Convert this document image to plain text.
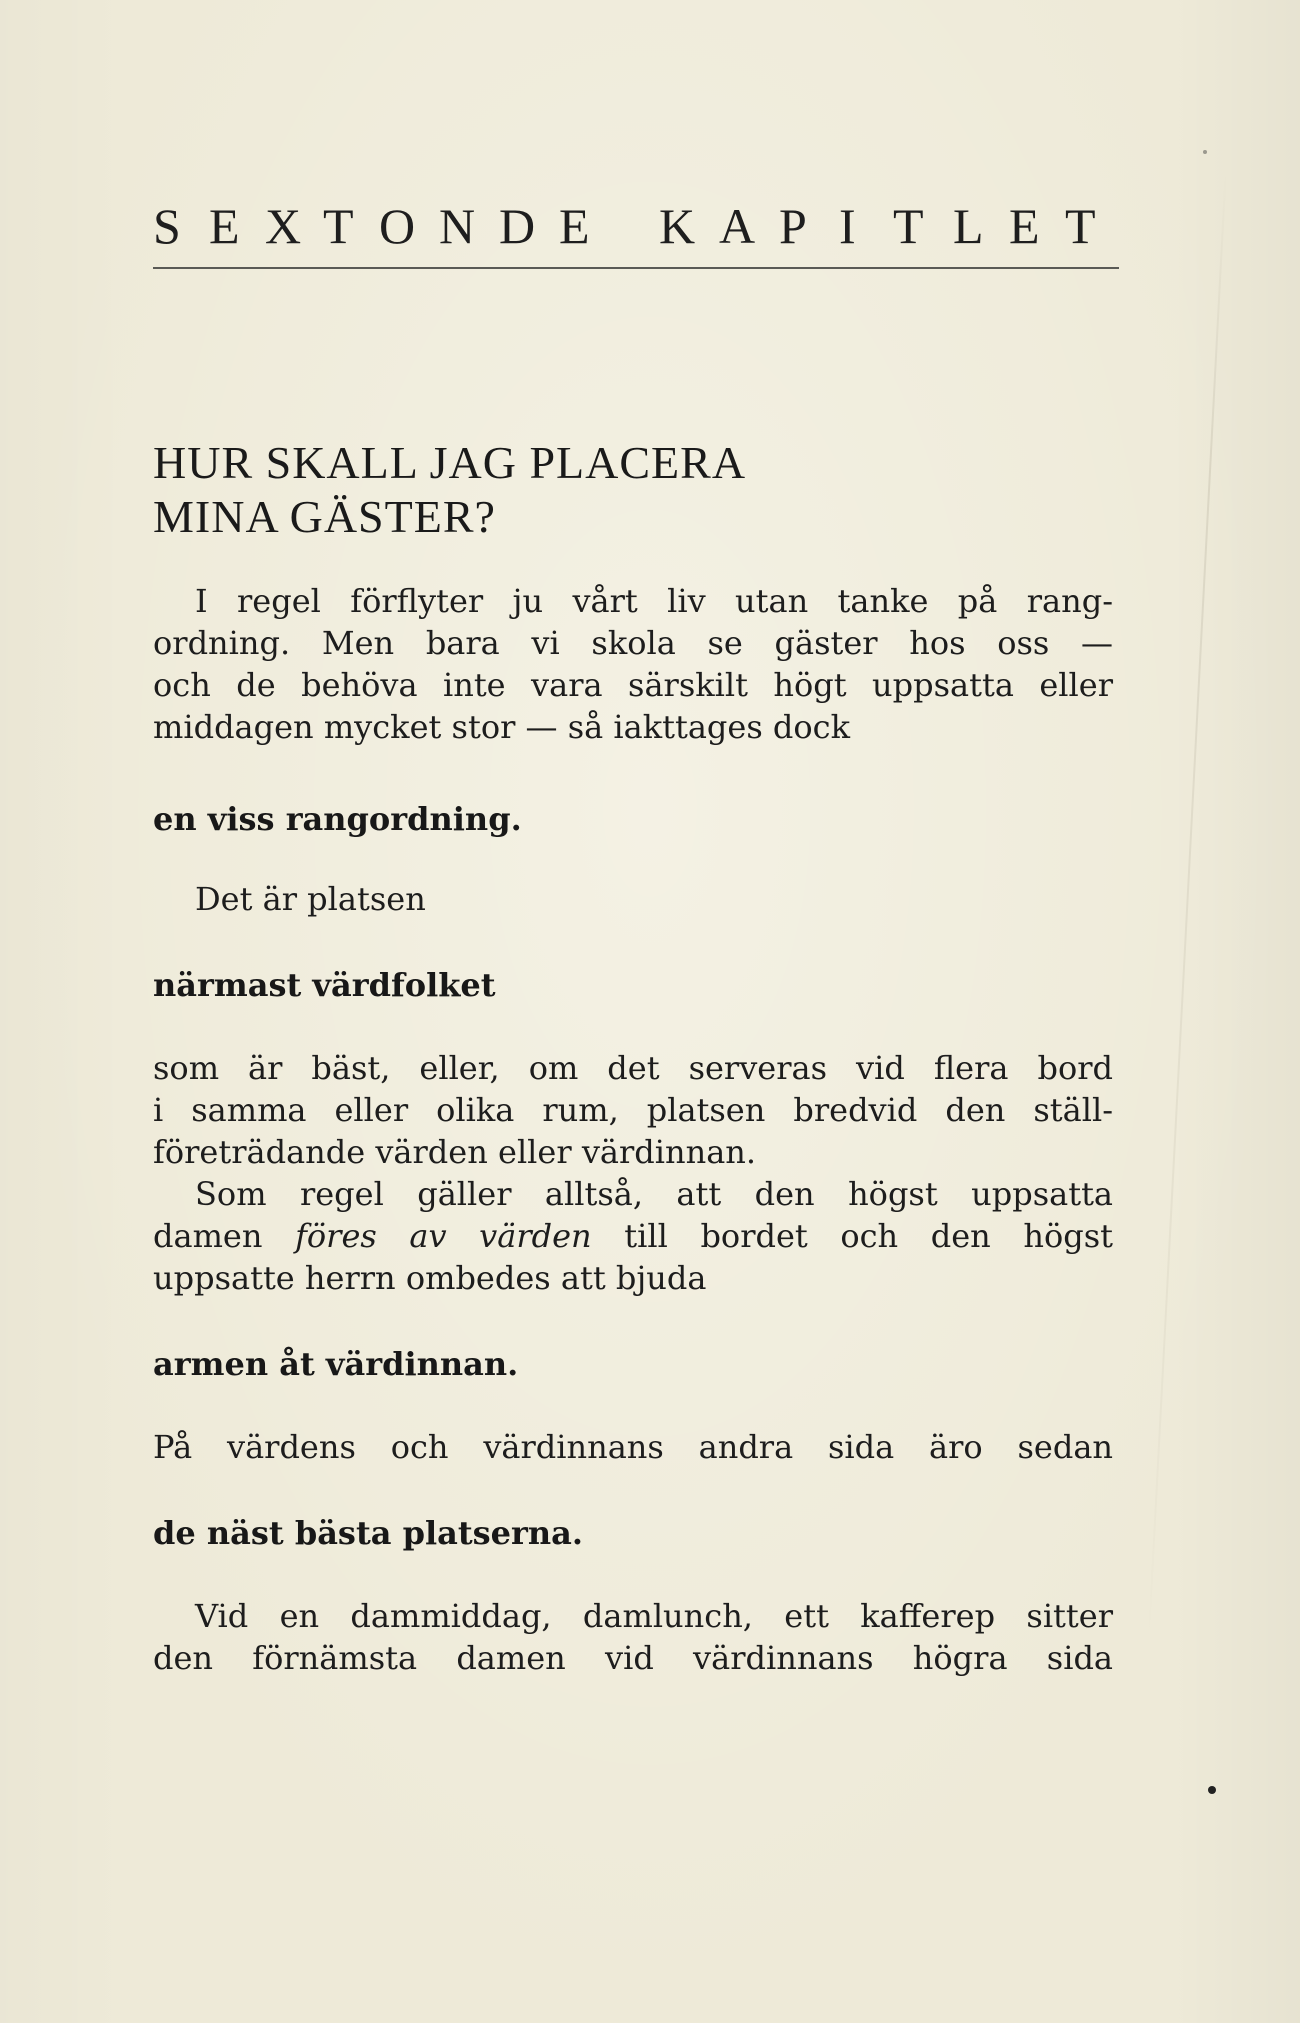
S E X T O N D E K A P I T L E T
HUR SKALL JAG PLACERA
MINA GÄSTER?
I regel förflyter ju vårt liv utan tanke på rang-
ordning. Men bara vi skola se gäster hos oss —
och de behöva inte vara särskilt högt uppsatta eller
middagen mycket stor — så iakttages dock
en viss rangordning.
Det är platsen
närmast värdfolket
som är bäst, eller, om det serveras vid flera bord
i samma eller olika rum, platsen bredvid den ställ-
företrädande värden eller värdinnan.
Som regel gäller alltså, att den högst uppsatta
damen föres av värden till bordet och den högst
uppsatte herrn ombedes att bjuda
armen åt värdinnan.
På värdens och värdinnans andra sida äro sedan
de näst bästa platserna.
Vid en dammiddag, damlunch, ett kafferep sitter
den förnämsta damen vid värdinnans högra sida
